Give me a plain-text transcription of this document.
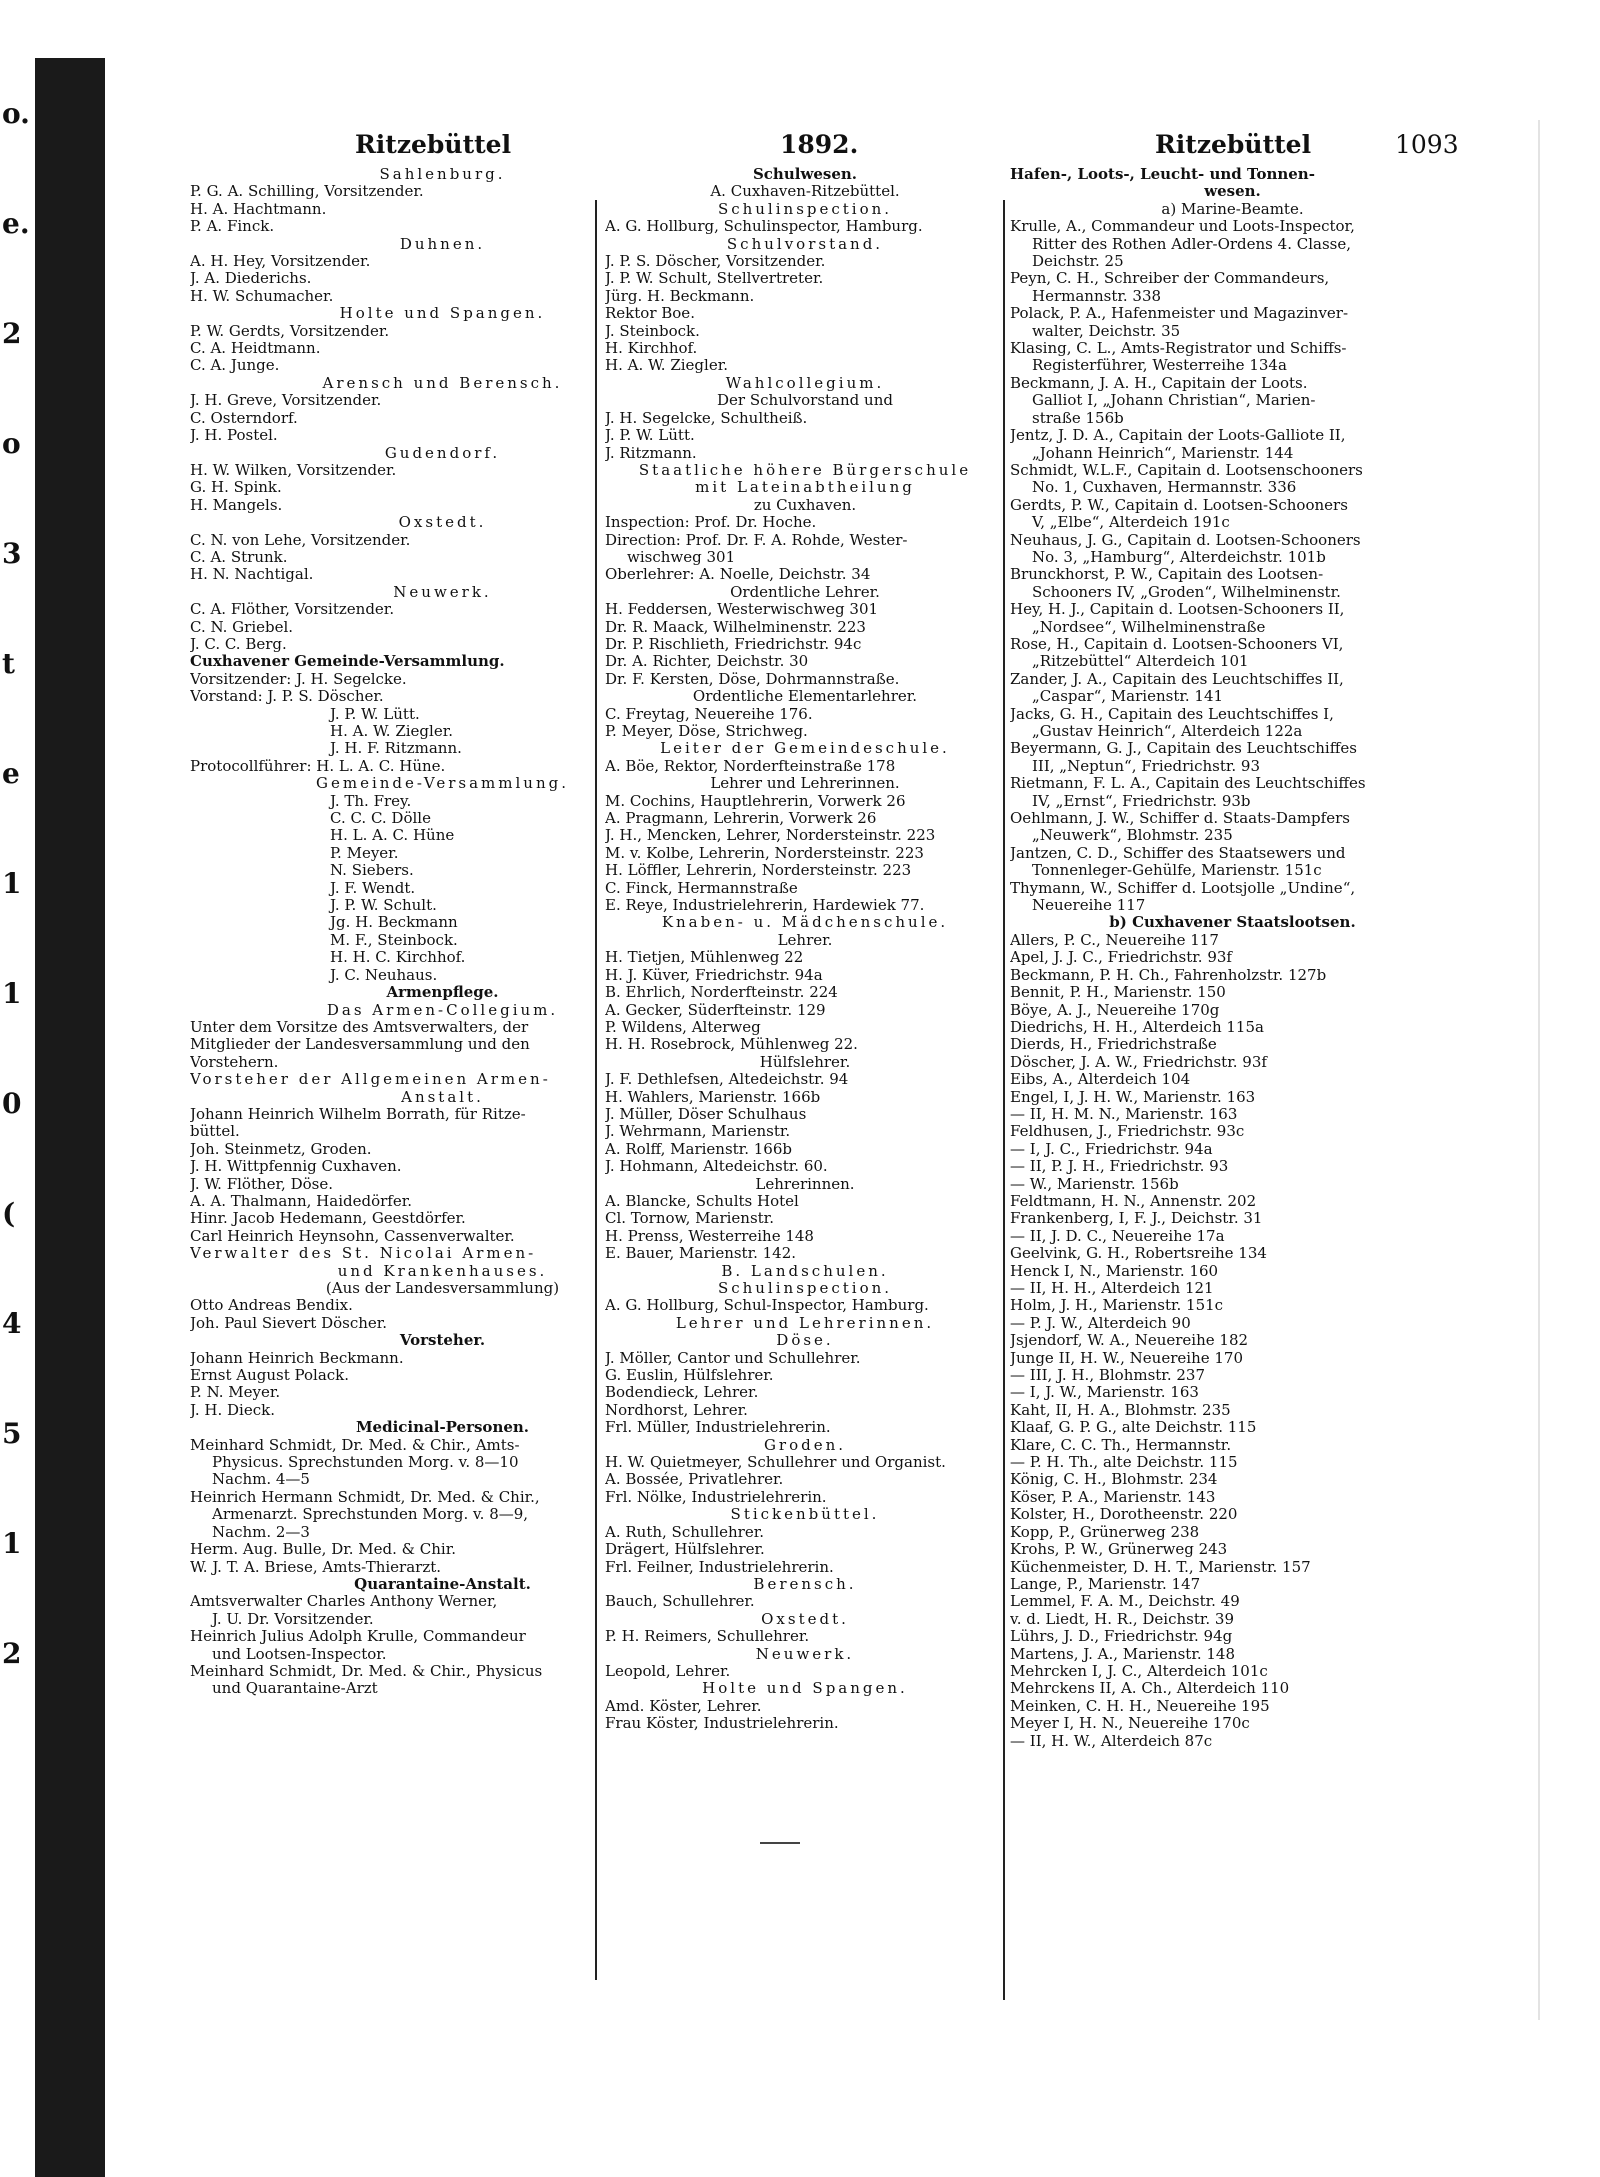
o.
e.
2
o
3
t
e
1
1
0
(
4
5
1
2
Ritzebüttel	1892.	Ritzebüttel	1093
Sahlenburg.
P. G. A. Schilling, Vorsitzender.
H. A. Hachtmann.
P. A. Finck.
Duhnen.
A. H. Hey, Vorsitzender.
J. A. Diederichs.
H. W. Schumacher.
Holte und Spangen.
P. W. Gerdts, Vorsitzender.
C. A. Heidtmann.
C. A. Junge.
Arensch und Berensch.
J. H. Greve, Vorsitzender.
C. Osterndorf.
J. H. Postel.
Gudendorf.
H. W. Wilken, Vorsitzender.
G. H. Spink.
H. Mangels.
Oxstedt.
C. N. von Lehe, Vorsitzender.
C. A. Strunk.
H. N. Nachtigal.
Neuwerk.
C. A. Flöther, Vorsitzender.
C. N. Griebel.
J. C. C. Berg.
Cuxhavener Gemeinde-Versammlung.
Vorsitzender: J. H. Segelcke.
Vorstand: J. P. S. Döscher.
J. P. W. Lütt.
H. A. W. Ziegler.
J. H. F. Ritzmann.
Protocollführer: H. L. A. C. Hüne.
Gemeinde-Versammlung.
J. Th. Frey.
C. C. C. Dölle
H. L. A. C. Hüne
P. Meyer.
N. Siebers.
J. F. Wendt.
J. P. W. Schult.
Jg. H. Beckmann
M. F., Steinbock.
H. H. C. Kirchhof.
J. C. Neuhaus.
Armenpflege.
Das Armen-Collegium.
Unter dem Vorsitze des Amtsverwalters, der
Mitglieder der Landesversammlung und den
Vorstehern.
Vorsteher der Allgemeinen Armen-
Anstalt.
Johann Heinrich Wilhelm Borrath, für Ritze-
büttel.
Joh. Steinmetz, Groden.
J. H. Wittpfennig Cuxhaven.
J. W. Flöther, Döse.
A. A. Thalmann, Haidedörfer.
Hinr. Jacob Hedemann, Geestdörfer.
Carl Heinrich Heynsohn, Cassenverwalter.
Verwalter des St. Nicolai Armen-
und Krankenhauses.
(Aus der Landesversammlung)
Otto Andreas Bendix.
Joh. Paul Sievert Döscher.
Vorsteher.
Johann Heinrich Beckmann.
Ernst August Polack.
P. N. Meyer.
J. H. Dieck.
Medicinal-Personen.
Meinhard Schmidt, Dr. Med. & Chir., Amts-
Physicus. Sprechstunden Morg. v. 8—10
Nachm. 4—5
Heinrich Hermann Schmidt, Dr. Med. & Chir.,
Armenarzt. Sprechstunden Morg. v. 8—9,
Nachm. 2—3
Herm. Aug. Bulle, Dr. Med. & Chir.
W. J. T. A. Briese, Amts-Thierarzt.
Quarantaine-Anstalt.
Amtsverwalter Charles Anthony Werner,
J. U. Dr. Vorsitzender.
Heinrich Julius Adolph Krulle, Commandeur
und Lootsen-Inspector.
Meinhard Schmidt, Dr. Med. & Chir., Physicus
und Quarantaine-Arzt
Schulwesen.
A. Cuxhaven-Ritzebüttel.
Schulinspection.
A. G. Hollburg, Schulinspector, Hamburg.
Schulvorstand.
J. P. S. Döscher, Vorsitzender.
J. P. W. Schult, Stellvertreter.
Jürg. H. Beckmann.
Rektor Boe.
J. Steinbock.
H. Kirchhof.
H. A. W. Ziegler.
Wahlcollegium.
Der Schulvorstand und
J. H. Segelcke, Schultheiß.
J. P. W. Lütt.
J. Ritzmann.
Staatliche höhere Bürgerschule
mit Lateinabtheilung
zu Cuxhaven.
Inspection: Prof. Dr. Hoche.
Direction: Prof. Dr. F. A. Rohde, Wester-
wischweg 301
Oberlehrer: A. Noelle, Deichstr. 34
Ordentliche Lehrer.
H. Feddersen, Westerwischweg 301
Dr. R. Maack, Wilhelminenstr. 223
Dr. P. Rischlieth, Friedrichstr. 94c
Dr. A. Richter, Deichstr. 30
Dr. F. Kersten, Döse, Dohrmannstraße.
Ordentliche Elementarlehrer.
C. Freytag, Neuereihe 176.
P. Meyer, Döse, Strichweg.
Leiter der Gemeindeschule.
A. Böe, Rektor, Norderfteinstraße 178
Lehrer und Lehrerinnen.
M. Cochins, Hauptlehrerin, Vorwerk 26
A. Pragmann, Lehrerin, Vorwerk 26
J. H., Mencken, Lehrer, Nordersteinstr. 223
M. v. Kolbe, Lehrerin, Nordersteinstr. 223
H. Löffler, Lehrerin, Nordersteinstr. 223
C. Finck, Hermannstraße
E. Reye, Industrielehrerin, Hardewiek 77.
Knaben- u. Mädchenschule.
Lehrer.
H. Tietjen, Mühlenweg 22
H. J. Küver, Friedrichstr. 94a
B. Ehrlich, Norderfteinstr. 224
A. Gecker, Süderfteinstr. 129
P. Wildens, Alterweg
H. H. Rosebrock, Mühlenweg 22.
Hülfslehrer.
J. F. Dethlefsen, Altedeichstr. 94
H. Wahlers, Marienstr. 166b
J. Müller, Döser Schulhaus
J. Wehrmann, Marienstr.
A. Rolff, Marienstr. 166b
J. Hohmann, Altedeichstr. 60.
Lehrerinnen.
A. Blancke, Schults Hotel
Cl. Tornow, Marienstr.
H. Prenss, Westerreihe 148
E. Bauer, Marienstr. 142.
B. Landschulen.
Schulinspection.
A. G. Hollburg, Schul-Inspector, Hamburg.
Lehrer und Lehrerinnen.
Döse.
J. Möller, Cantor und Schullehrer.
G. Euslin, Hülfslehrer.
Bodendieck, Lehrer.
Nordhorst, Lehrer.
Frl. Müller, Industrielehrerin.
Groden.
H. W. Quietmeyer, Schullehrer und Organist.
A. Bossée, Privatlehrer.
Frl. Nölke, Industrielehrerin.
Stickenbüttel.
A. Ruth, Schullehrer.
Drägert, Hülfslehrer.
Frl. Feilner, Industrielehrerin.
Berensch.
Bauch, Schullehrer.
Oxstedt.
P. H. Reimers, Schullehrer.
Neuwerk.
Leopold, Lehrer.
Holte und Spangen.
Amd. Köster, Lehrer.
Frau Köster, Industrielehrerin.
Hafen-, Loots-, Leucht- und Tonnen-
wesen.
a) Marine-Beamte.
Krulle, A., Commandeur und Loots-Inspector,
Ritter des Rothen Adler-Ordens 4. Classe,
Deichstr. 25
Peyn, C. H., Schreiber der Commandeurs,
Hermannstr. 338
Polack, P. A., Hafenmeister und Magazinver-
walter, Deichstr. 35
Klasing, C. L., Amts-Registrator und Schiffs-
Registerführer, Westerreihe 134a
Beckmann, J. A. H., Capitain der Loots.
Galliot I, „Johann Christian“, Marien-
straße 156b
Jentz, J. D. A., Capitain der Loots-Galliote II,
„Johann Heinrich“, Marienstr. 144
Schmidt, W.L.F., Capitain d. Lootsenschooners
No. 1, Cuxhaven, Hermannstr. 336
Gerdts, P. W., Capitain d. Lootsen-Schooners
V, „Elbe“, Alterdeich 191c
Neuhaus, J. G., Capitain d. Lootsen-Schooners
No. 3, „Hamburg“, Alterdeichstr. 101b
Brunckhorst, P. W., Capitain des Lootsen-
Schooners IV, „Groden“, Wilhelminenstr.
Hey, H. J., Capitain d. Lootsen-Schooners II,
„Nordsee“, Wilhelminenstraße
Rose, H., Capitain d. Lootsen-Schooners VI,
„Ritzebüttel“ Alterdeich 101
Zander, J. A., Capitain des Leuchtschiffes II,
„Caspar“, Marienstr. 141
Jacks, G. H., Capitain des Leuchtschiffes I,
„Gustav Heinrich“, Alterdeich 122a
Beyermann, G. J., Capitain des Leuchtschiffes
III, „Neptun“, Friedrichstr. 93
Rietmann, F. L. A., Capitain des Leuchtschiffes
IV, „Ernst“, Friedrichstr. 93b
Oehlmann, J. W., Schiffer d. Staats-Dampfers
„Neuwerk“, Blohmstr. 235
Jantzen, C. D., Schiffer des Staatsewers und
Tonnenleger-Gehülfe, Marienstr. 151c
Thymann, W., Schiffer d. Lootsjolle „Undine“,
Neuereihe 117
b) Cuxhavener Staatslootsen.
Allers, P. C., Neuereihe 117
Apel, J. J. C., Friedrichstr. 93f
Beckmann, P. H. Ch., Fahrenholzstr. 127b
Bennit, P. H., Marienstr. 150
Böye, A. J., Neuereihe 170g
Diedrichs, H. H., Alterdeich 115a
Dierds, H., Friedrichstraße
Döscher, J. A. W., Friedrichstr. 93f
Eibs, A., Alterdeich 104
Engel, I, J. H. W., Marienstr. 163
— II, H. M. N., Marienstr. 163
Feldhusen, J., Friedrichstr. 93c
— I, J. C., Friedrichstr. 94a
— II, P. J. H., Friedrichstr. 93
— W., Marienstr. 156b
Feldtmann, H. N., Annenstr. 202
Frankenberg, I, F. J., Deichstr. 31
— II, J. D. C., Neuereihe 17a
Geelvink, G. H., Robertsreihe 134
Henck I, N., Marienstr. 160
— II, H. H., Alterdeich 121
Holm, J. H., Marienstr. 151c
— P. J. W., Alterdeich 90
Jsjendorf, W. A., Neuereihe 182
Junge II, H. W., Neuereihe 170
— III, J. H., Blohmstr. 237
— I, J. W., Marienstr. 163
Kaht, II, H. A., Blohmstr. 235
Klaaf, G. P. G., alte Deichstr. 115
Klare, C. C. Th., Hermannstr.
— P. H. Th., alte Deichstr. 115
König, C. H., Blohmstr. 234
Köser, P. A., Marienstr. 143
Kolster, H., Dorotheenstr. 220
Kopp, P., Grünerweg 238
Krohs, P. W., Grünerweg 243
Küchenmeister, D. H. T., Marienstr. 157
Lange, P., Marienstr. 147
Lemmel, F. A. M., Deichstr. 49
v. d. Liedt, H. R., Deichstr. 39
Lührs, J. D., Friedrichstr. 94g
Martens, J. A., Marienstr. 148
Mehrcken I, J. C., Alterdeich 101c
Mehrckens II, A. Ch., Alterdeich 110
Meinken, C. H. H., Neuereihe 195
Meyer I, H. N., Neuereihe 170c
— II, H. W., Alterdeich 87c
